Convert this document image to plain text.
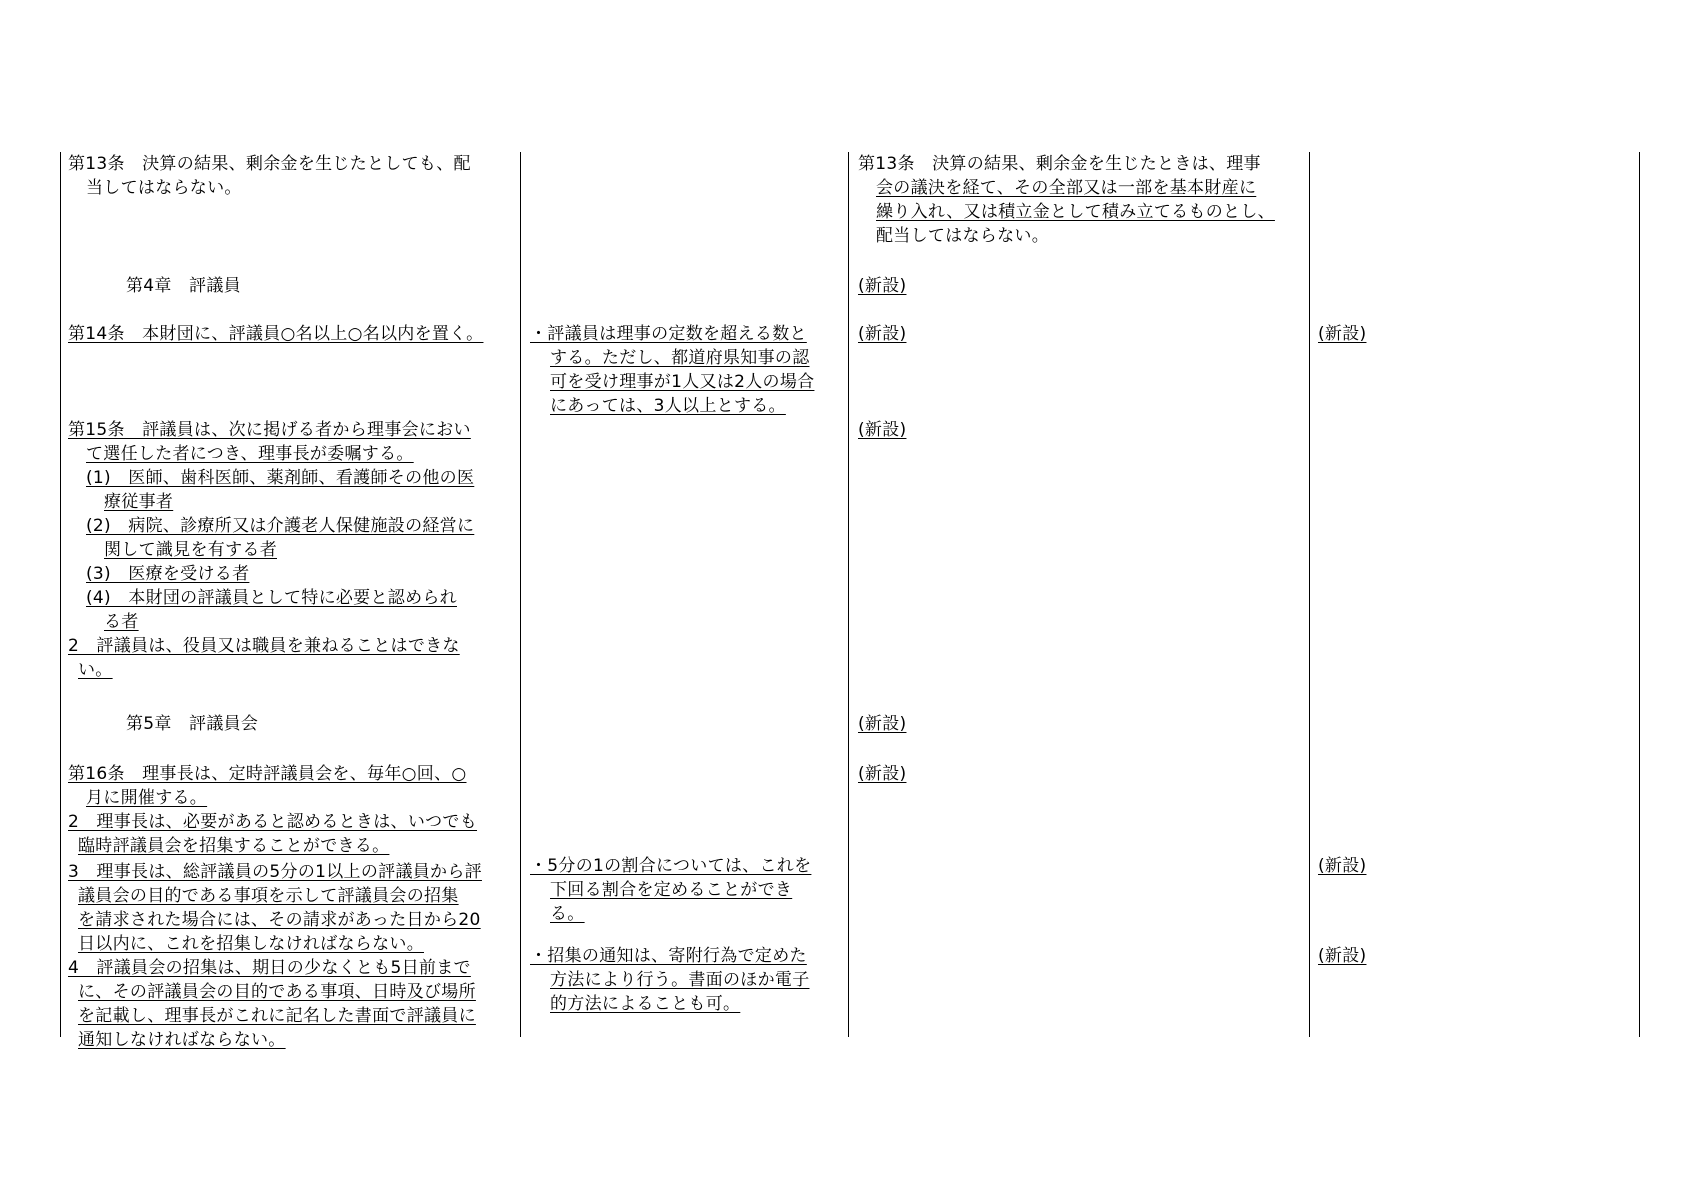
第13条　決算の結果、剰余金を生じたとしても、配
当してはならない。
第4章　評議員
第14条　本財団に、評議員○名以上○名以内を置く。
第15条　評議員は、次に掲げる者から理事会におい
て選任した者につき、理事長が委嘱する。
(1)　医師、歯科医師、薬剤師、看護師その他の医
療従事者
(2)　病院、診療所又は介護老人保健施設の経営に
関して識見を有する者
(3)　医療を受ける者
(4)　本財団の評議員として特に必要と認められ
る者
2　評議員は、役員又は職員を兼ねることはできな
い。
第5章　評議員会
第16条　理事長は、定時評議員会を、毎年○回、○
月に開催する。
2　理事長は、必要があると認めるときは、いつでも
臨時評議員会を招集することができる。
3　理事長は、総評議員の5分の1以上の評議員から評
議員会の目的である事項を示して評議員会の招集
を請求された場合には、その請求があった日から20
日以内に、これを招集しなければならない。
4　評議員会の招集は、期日の少なくとも5日前まで
に、その評議員会の目的である事項、日時及び場所
を記載し、理事長がこれに記名した書面で評議員に
通知しなければならない。
・評議員は理事の定数を超える数と
する。ただし、都道府県知事の認
可を受け理事が1人又は2人の場合
にあっては、3人以上とする。
・5分の1の割合については、これを
下回る割合を定めることができ
る。
・招集の通知は、寄附行為で定めた
方法により行う。書面のほか電子
的方法によることも可。
第13条　決算の結果、剰余金を生じたときは、理事
会の議決を経て、その全部又は一部を基本財産に
繰り入れ、又は積立金として積み立てるものとし、
配当してはならない。
(新設)
(新設)
(新設)
(新設)
(新設)
(新設)
(新設)
(新設)
